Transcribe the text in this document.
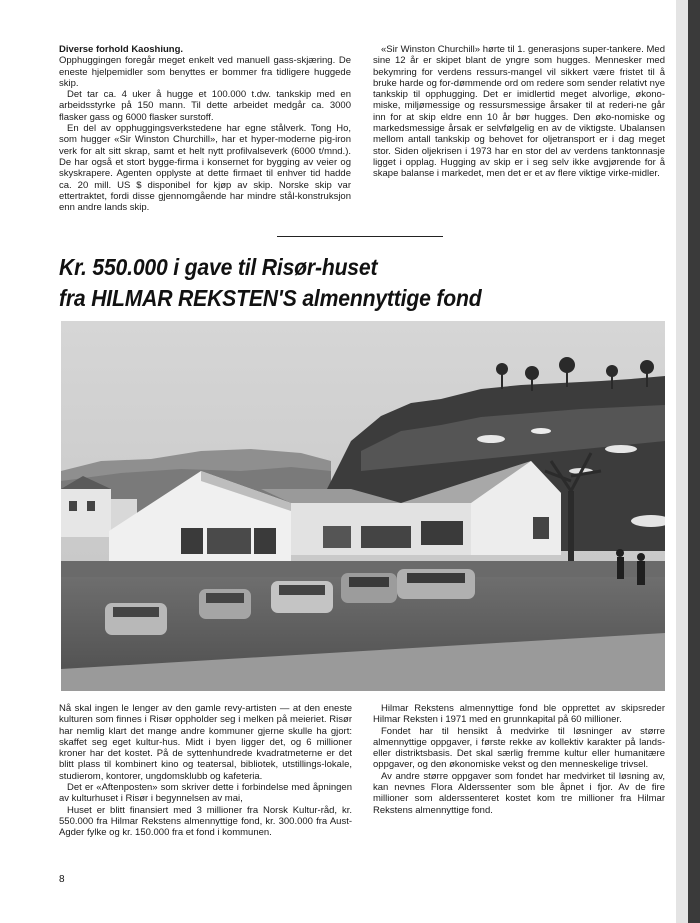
Diverse forhold Kaoshiung.

Opphuggingen foregår meget enkelt ved manuell gass-skjæring. De eneste hjelpemidler som benyttes er bommer fra tidligere huggede skip.

Det tar ca. 4 uker å hugge et 100.000 t.dw. tankskip med en arbeidsstyrke på 150 mann. Til dette arbeidet medgår ca. 3000 flasker gass og 6000 flasker surstoff.

En del av opphuggingsverkstedene har egne stålverk. Tong Ho, som hugger «Sir Winston Churchill», har et hyper-moderne pig-iron verk for alt sitt skrap, samt et helt nytt profilvalseverk (6000 t/mnd.). De har også et stort bygge-firma i konsernet for bygging av veier og skyskrapere. Agenten opplyste at dette firmaet til enhver tid hadde ca. 20 mill. US $ disponibel for kjøp av skip. Norske skip var ettertraktet, fordi disse gjennomgående har mindre stål-konstruksjon enn andre lands skip.

«Sir Winston Churchill» hørte til 1. generasjons super-tankere. Med sine 12 år er skipet blant de yngre som hugges. Mennesker med bekymring for verdens ressurs-mangel vil sikkert være fristet til å bruke harde og for-dømmende ord om redere som sender relativt nye tankskip til opphugging. Det er imidlertid meget alvorlige, økono-miske, miljømessige og ressursmessige årsaker til at rederi-ne går inn for at skip eldre enn 10 år bør hugges. Den øko-nomiske og markedsmessige årsak er selvfølgelig en av de viktigste. Ubalansen mellom antall tankskip og behovet for oljetransport er i dag meget stor. Siden oljekrisen i 1973 har en stor del av verdens tanktonnasje ligget i opplag. Hugging av skip er i seg selv ikke avgjørende for å skape balanse i markedet, men det er et av flere viktige virke-midler.

Kr. 550.000 i gave til Risør-huset
fra HILMAR REKSTEN'S almennyttige fond

Nå skal ingen le lenger av den gamle revy-artisten — at den eneste kulturen som finnes i Risør oppholder seg i melken på meieriet. Risør har nemlig klart det mange andre kommuner gjerne skulle ha gjort: skaffet seg eget kultur-hus. Midt i byen ligger det, og 6 millioner kroner har det kostet. På de syttenhundrede kvadratmeterne er det blitt plass til kombinert kino og teatersal, bibliotek, utstillings-lokale, studierom, kontorer, ungdomsklubb og kafeteria.

Det er «Aftenposten» som skriver dette i forbindelse med åpningen av kulturhuset i Risør i begynnelsen av mai,

Huset er blitt finansiert med 3 millioner fra Norsk Kultur-råd, kr. 550.000 fra Hilmar Rekstens almennyttige fond, kr. 300.000 fra Aust-Agder fylke og kr. 150.000 fra et fond i kommunen.

Hilmar Rekstens almennyttige fond ble opprettet av skipsreder Hilmar Reksten i 1971 med en grunnkapital på 60 millioner.

Fondet har til hensikt å medvirke til løsninger av større almennyttige oppgaver, i første rekke av kollektiv karakter på lands- eller distriktsbasis. Det skal særlig fremme kultur eller humanitære oppgaver, og den økonomiske vekst og den menneskelige trivsel.

Av andre større oppgaver som fondet har medvirket til løsning av, kan nevnes Flora Alderssenter som ble åpnet i fjor. Av de fire millioner som alderssenteret kostet kom tre millioner fra Hilmar Rekstens almennyttige fond.

8
